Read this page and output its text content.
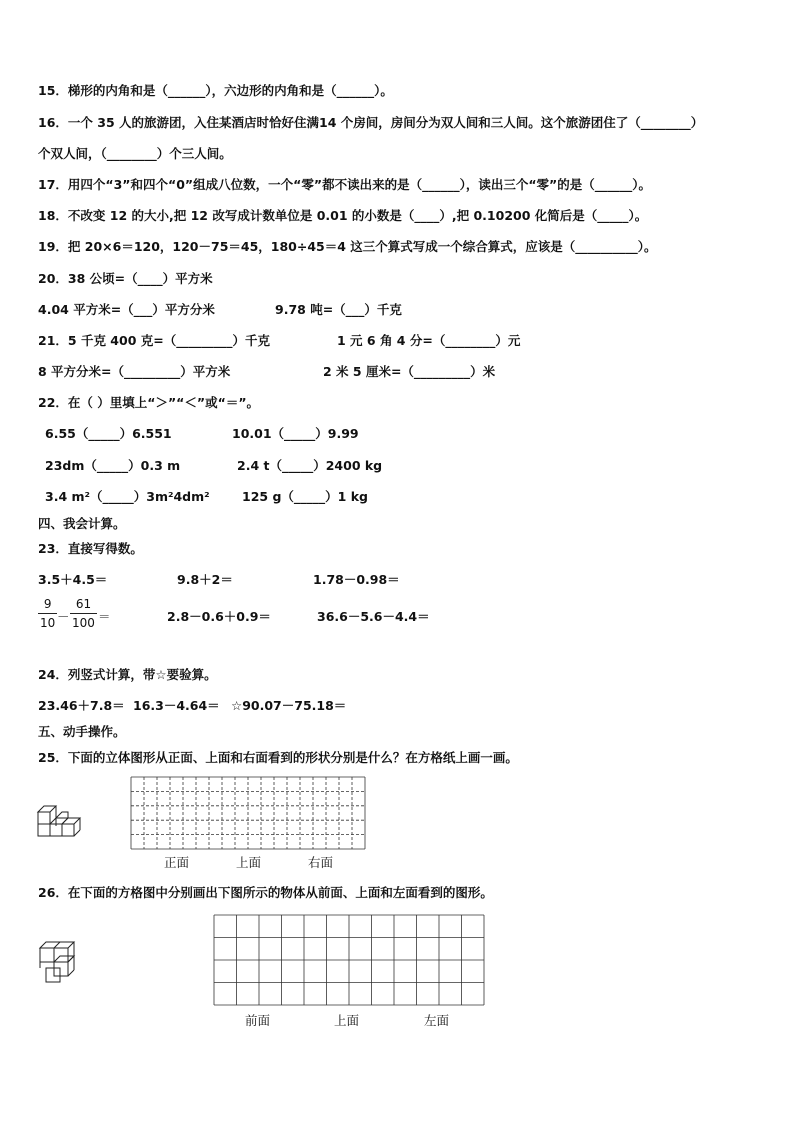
15．梯形的内角和是（______），六边形的内角和是（______）。
16．一个 35 人的旅游团，入住某酒店时恰好住满14 个房间，房间分为双人间和三人间。这个旅游团住了（________）
个双人间，（________）个三人间。
17．用四个“3”和四个“0”组成八位数，一个“零”都不读出来的是（______），读出三个“零”的是（______）。
18．不改变 12 的大小,把 12 改写成计数单位是 0.01 的小数是（____）,把 0.10200 化简后是（_____）。
19．把 20×6＝120，120－75＝45，180÷45＝4 这三个算式写成一个综合算式，应该是（__________）。
20．38 公顷=（____）平方米
4.04 平方米=（___）平方分米	9.78 吨=（___）千克
21．5 千克 400 克=（_________）千克	1 元 6 角 4 分=（________）元
8 平方分米=（_________）平方米	2 米 5 厘米=（_________）米
22．在（ ）里填上“＞”“＜”或“＝”。
6.55（_____）6.551	10.01（_____）9.99
23dm（_____）0.3 m	2.4 t（_____）2400 kg
3.4 m²（_____）3m²4dm²	125 g（_____）1 kg
四、我会计算。
23．直接写得数。
3.5＋4.5＝	9.8＋2＝	1.78－0.98＝
9
10 －
61
100 ＝	2.8－0.6＋0.9＝	36.6－5.6－4.4＝
24．列竖式计算，带☆要验算。
23.46＋7.8＝ 16.3－4.64＝ ☆90.07－75.18＝
五、动手操作。
25．下面的立体图形从正面、上面和右面看到的形状分别是什么？在方格纸上画一画。
正面	上面	右面
26．在下面的方格图中分别画出下图所示的物体从前面、上面和左面看到的图形。
前面	上面	左面
